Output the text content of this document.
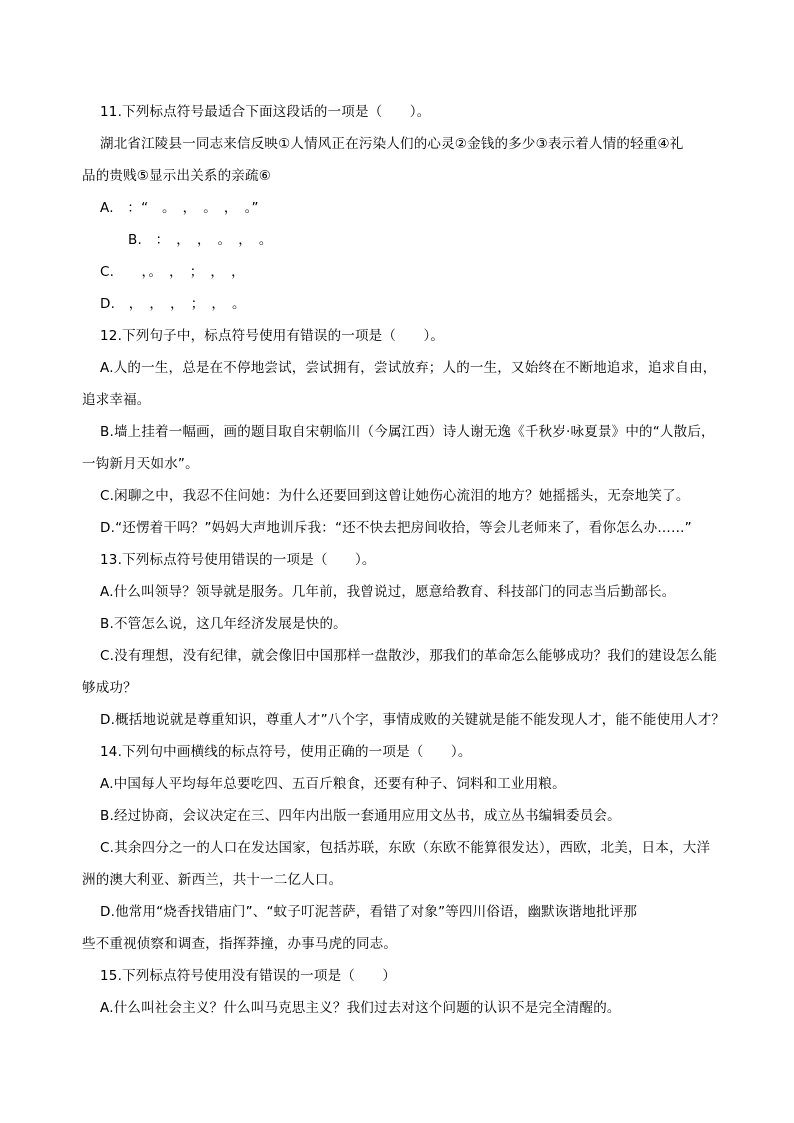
11.下列标点符号最适合下面这段话的一项是（　　）。
湖北省江陵县一同志来信反映①人情风正在污染人们的心灵②金钱的多少③表示着人情的轻重④礼
品的贵贱⑤显示出关系的亲疏⑥
A.　：“　。　，　。　，　。”
B.　：　，　，　。　，　。
C.　　，。　，　；　，　，
D.　，　，　，　；　，　。
12.下列句子中，标点符号使用有错误的一项是（　　）。
A.人的一生，总是在不停地尝试，尝试拥有，尝试放弃；人的一生，又始终在不断地追求，追求自由，
追求幸福。
B.墙上挂着一幅画，画的题目取自宋朝临川（今属江西）诗人谢无逸《千秋岁·咏夏景》中的“人散后，
一钩新月天如水”。
C.闲聊之中，我忍不住问她：为什么还要回到这曾让她伤心流泪的地方？她摇摇头，无奈地笑了。
D.“还愣着干吗？”妈妈大声地训斥我：“还不快去把房间收拾，等会儿老师来了，看你怎么办……”
13.下列标点符号使用错误的一项是（　　）。
A.什么叫领导？领导就是服务。几年前，我曾说过，愿意给教育、科技部门的同志当后勤部长。
B.不管怎么说，这几年经济发展是快的。
C.没有理想，没有纪律，就会像旧中国那样一盘散沙，那我们的革命怎么能够成功？我们的建设怎么能
够成功？
D.概括地说就是尊重知识，尊重人才”八个字，事情成败的关键就是能不能发现人才，能不能使用人才？
14.下列句中画横线的标点符号，使用正确的一项是（　　）。
A.中国每人平均每年总要吃四、五百斤粮食，还要有种子、饲料和工业用粮。
B.经过协商，会议决定在三、四年内出版一套通用应用文丛书，成立丛书编辑委员会。
C.其余四分之一的人口在发达国家，包括苏联，东欧（东欧不能算很发达），西欧，北美，日本，大洋
洲的澳大利亚、新西兰，共十一二亿人口。
D.他常用“烧香找错庙门”、“蚊子叮泥菩萨，看错了对象”等四川俗语，幽默诙谐地批评那
些不重视侦察和调查，指挥莽撞，办事马虎的同志。
15.下列标点符号使用没有错误的一项是（　　）
A.什么叫社会主义？什么叫马克思主义？我们过去对这个问题的认识不是完全清醒的。
